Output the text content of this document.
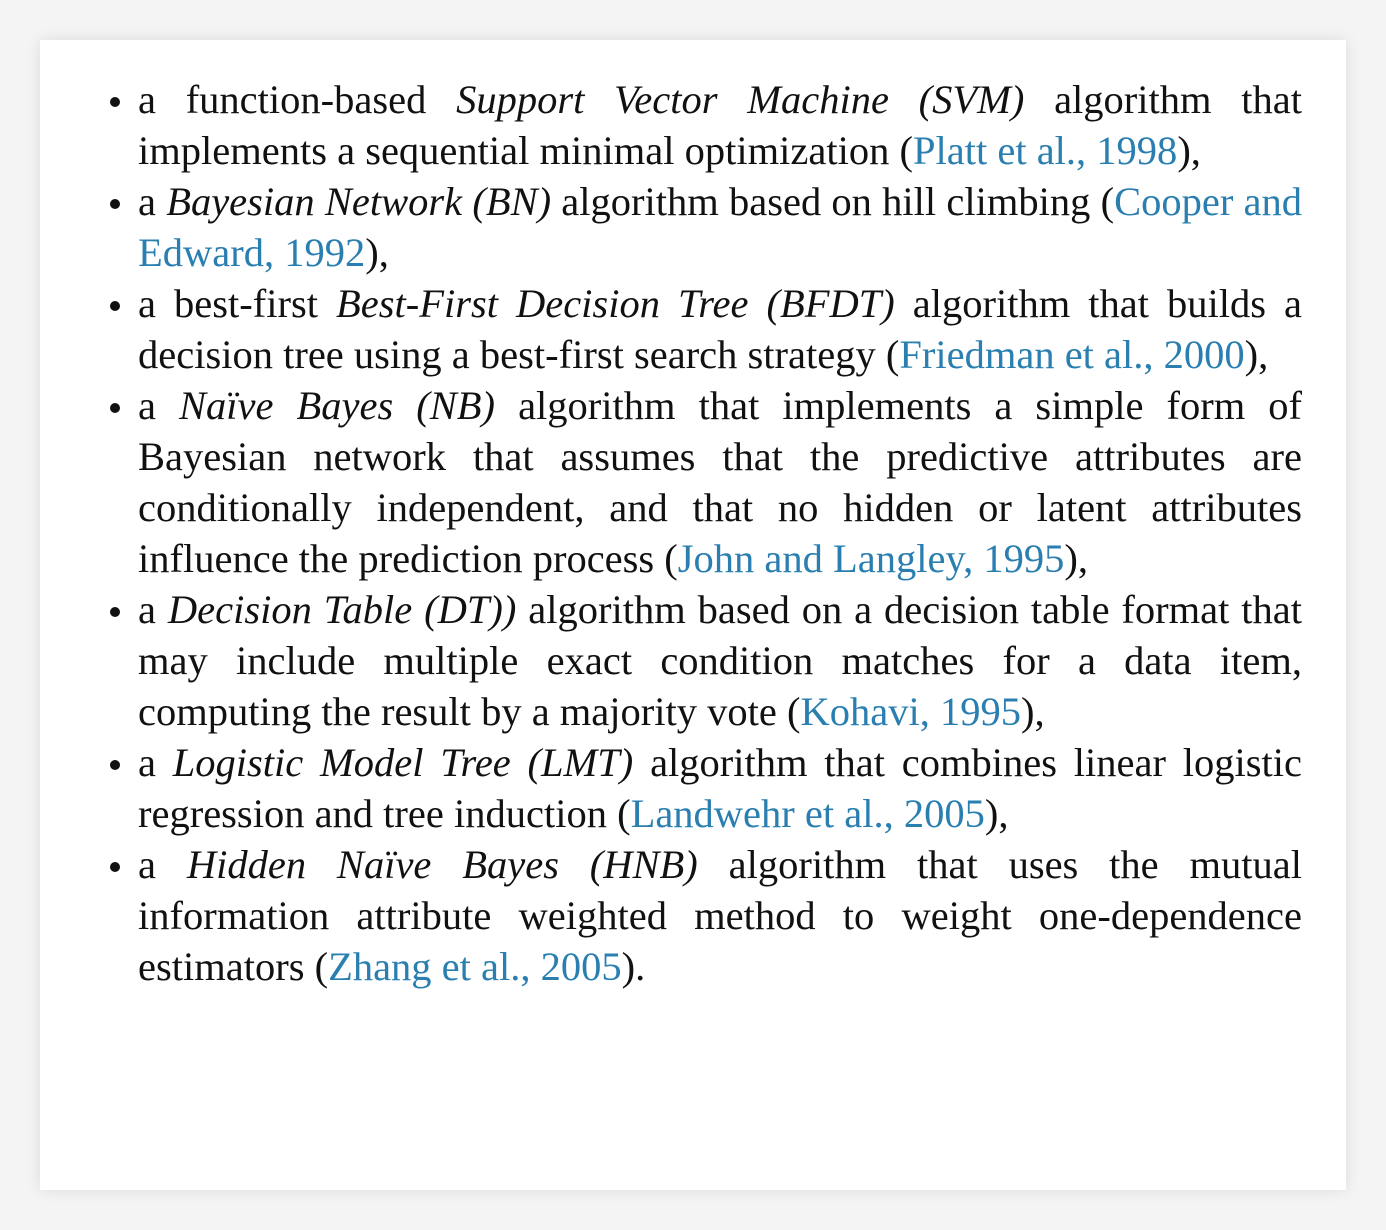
a function-based Support Vector Machine (SVM) algorithm that implements a sequential minimal optimization (Platt et al., 1998),
a Bayesian Network (BN) algorithm based on hill climbing (Cooper and Edward, 1992),
a best-first Best-First Decision Tree (BFDT) algorithm that builds a decision tree using a best-first search strategy (Friedman et al., 2000),
a Naïve Bayes (NB) algorithm that implements a simple form of Bayesian network that assumes that the predictive attributes are conditionally independent, and that no hidden or latent attributes influence the prediction process (John and Langley, 1995),
a Decision Table (DT)) algorithm based on a decision table format that may include multiple exact condition matches for a data item, computing the result by a majority vote (Kohavi, 1995),
a Logistic Model Tree (LMT) algorithm that combines linear logistic regression and tree induction (Landwehr et al., 2005),
a Hidden Naïve Bayes (HNB) algorithm that uses the mutual information attribute weighted method to weight one-dependence estimators (Zhang et al., 2005).
